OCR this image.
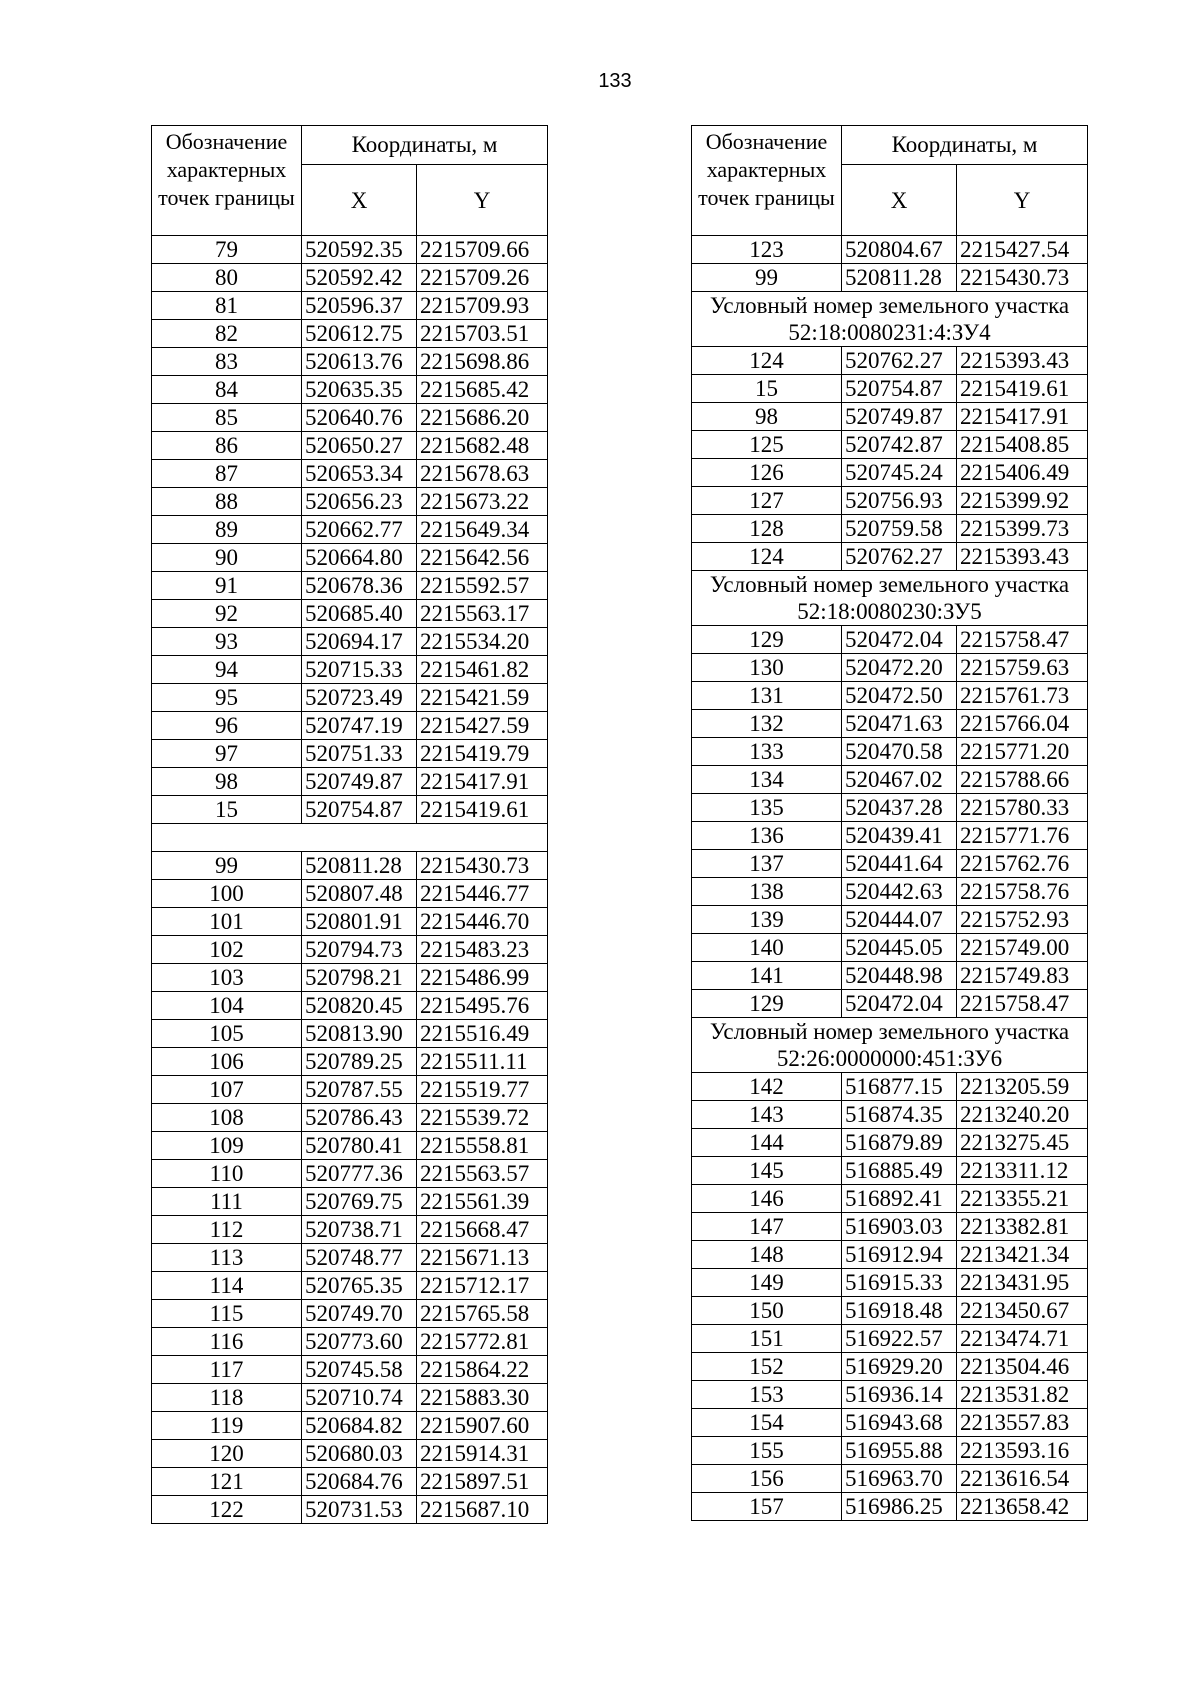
133
Обозначение характерных точек границы	Координаты, м	
	X	Y
79	520592.35	2215709.66
80	520592.42	2215709.26
81	520596.37	2215709.93
82	520612.75	2215703.51
83	520613.76	2215698.86
84	520635.35	2215685.42
85	520640.76	2215686.20
86	520650.27	2215682.48
87	520653.34	2215678.63
88	520656.23	2215673.22
89	520662.77	2215649.34
90	520664.80	2215642.56
91	520678.36	2215592.57
92	520685.40	2215563.17
93	520694.17	2215534.20
94	520715.33	2215461.82
95	520723.49	2215421.59
96	520747.19	2215427.59
97	520751.33	2215419.79
98	520749.87	2215417.91
15	520754.87	2215419.61

99	520811.28	2215430.73
100	520807.48	2215446.77
101	520801.91	2215446.70
102	520794.73	2215483.23
103	520798.21	2215486.99
104	520820.45	2215495.76
105	520813.90	2215516.49
106	520789.25	2215511.11
107	520787.55	2215519.77
108	520786.43	2215539.72
109	520780.41	2215558.81
110	520777.36	2215563.57
111	520769.75	2215561.39
112	520738.71	2215668.47
113	520748.77	2215671.13
114	520765.35	2215712.17
115	520749.70	2215765.58
116	520773.60	2215772.81
117	520745.58	2215864.22
118	520710.74	2215883.30
119	520684.82	2215907.60
120	520680.03	2215914.31
121	520684.76	2215897.51
122	520731.53	2215687.10
Обозначение характерных точек границы	Координаты, м	
	X	Y
123	520804.67	2215427.54
99	520811.28	2215430.73
Условный номер земельного участка 52:18:0080231:4:ЗУ4		
124	520762.27	2215393.43
15	520754.87	2215419.61
98	520749.87	2215417.91
125	520742.87	2215408.85
126	520745.24	2215406.49
127	520756.93	2215399.92
128	520759.58	2215399.73
124	520762.27	2215393.43
Условный номер земельного участка 52:18:0080230:ЗУ5		
129	520472.04	2215758.47
130	520472.20	2215759.63
131	520472.50	2215761.73
132	520471.63	2215766.04
133	520470.58	2215771.20
134	520467.02	2215788.66
135	520437.28	2215780.33
136	520439.41	2215771.76
137	520441.64	2215762.76
138	520442.63	2215758.76
139	520444.07	2215752.93
140	520445.05	2215749.00
141	520448.98	2215749.83
129	520472.04	2215758.47
Условный номер земельного участка 52:26:0000000:451:ЗУ6		
142	516877.15	2213205.59
143	516874.35	2213240.20
144	516879.89	2213275.45
145	516885.49	2213311.12
146	516892.41	2213355.21
147	516903.03	2213382.81
148	516912.94	2213421.34
149	516915.33	2213431.95
150	516918.48	2213450.67
151	516922.57	2213474.71
152	516929.20	2213504.46
153	516936.14	2213531.82
154	516943.68	2213557.83
155	516955.88	2213593.16
156	516963.70	2213616.54
157	516986.25	2213658.42
